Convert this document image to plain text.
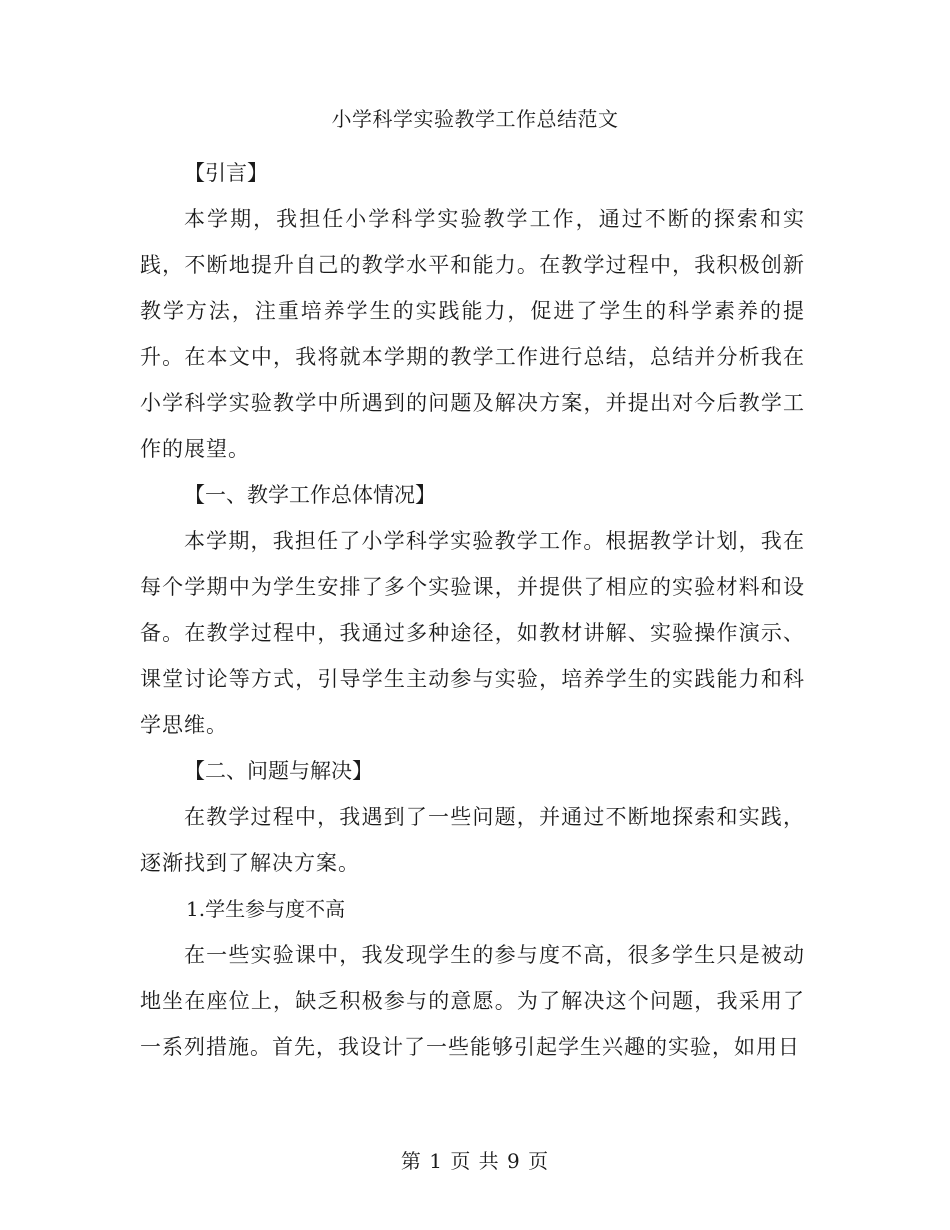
小学科学实验教学工作总结范文

【引言】

本学期，我担任小学科学实验教学工作，通过不断的探索和实践，不断地提升自己的教学水平和能力。在教学过程中，我积极创新教学方法，注重培养学生的实践能力，促进了学生的科学素养的提升。在本文中，我将就本学期的教学工作进行总结，总结并分析我在小学科学实验教学中所遇到的问题及解决方案，并提出对今后教学工作的展望。

【一、教学工作总体情况】

本学期，我担任了小学科学实验教学工作。根据教学计划，我在每个学期中为学生安排了多个实验课，并提供了相应的实验材料和设备。在教学过程中，我通过多种途径，如教材讲解、实验操作演示、课堂讨论等方式，引导学生主动参与实验，培养学生的实践能力和科学思维。

【二、问题与解决】

在教学过程中，我遇到了一些问题，并通过不断地探索和实践，逐渐找到了解决方案。

1.学生参与度不高

在一些实验课中，我发现学生的参与度不高，很多学生只是被动地坐在座位上，缺乏积极参与的意愿。为了解决这个问题，我采用了一系列措施。首先，我设计了一些能够引起学生兴趣的实验，如用日

第 1 页 共 9 页
